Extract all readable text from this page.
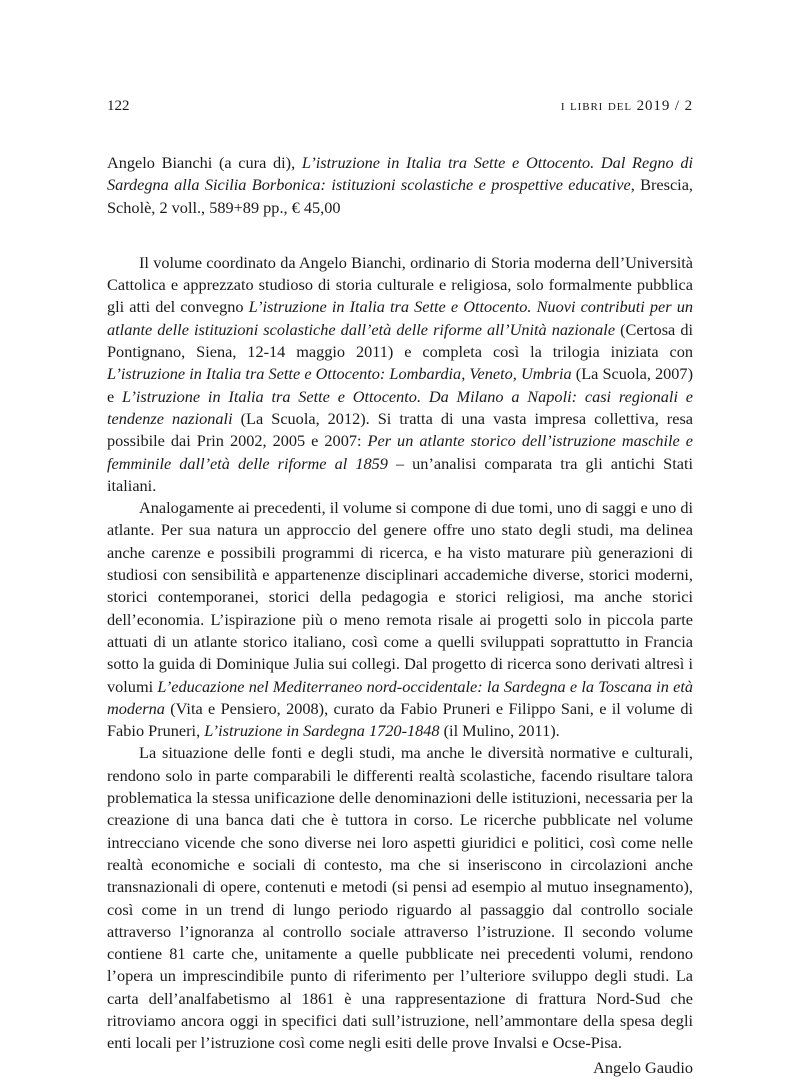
122	i libri del 2019 / 2

Angelo Bianchi (a cura di), L’istruzione in Italia tra Sette e Ottocento. Dal Regno di Sardegna alla Sicilia Borbonica: istituzioni scolastiche e prospettive educative, Brescia, Scholè, 2 voll., 589+89 pp., € 45,00

Il volume coordinato da Angelo Bianchi, ordinario di Storia moderna dell’Università Cattolica e apprezzato studioso di storia culturale e religiosa, solo formalmente pubblica gli atti del convegno L’istruzione in Italia tra Sette e Ottocento. Nuovi contributi per un atlante delle istituzioni scolastiche dall’età delle riforme all’Unità nazionale (Certosa di Pontignano, Siena, 12-14 maggio 2011) e completa così la trilogia iniziata con L’istruzione in Italia tra Sette e Ottocento: Lombardia, Veneto, Umbria (La Scuola, 2007) e L’istruzione in Italia tra Sette e Ottocento. Da Milano a Napoli: casi regionali e tendenze nazionali (La Scuola, 2012). Si tratta di una vasta impresa collettiva, resa possibile dai Prin 2002, 2005 e 2007: Per un atlante storico dell’istruzione maschile e femminile dall’età delle riforme al 1859 – un’analisi comparata tra gli antichi Stati italiani.

Analogamente ai precedenti, il volume si compone di due tomi, uno di saggi e uno di atlante. Per sua natura un approccio del genere offre uno stato degli studi, ma delinea anche carenze e possibili programmi di ricerca, e ha visto maturare più generazioni di studiosi con sensibilità e appartenenze disciplinari accademiche diverse, storici moderni, storici contemporanei, storici della pedagogia e storici religiosi, ma anche storici dell’economia. L’ispirazione più o meno remota risale ai progetti solo in piccola parte attuati di un atlante storico italiano, così come a quelli sviluppati soprattutto in Francia sotto la guida di Dominique Julia sui collegi. Dal progetto di ricerca sono derivati altresì i volumi L’educazione nel Mediterraneo nord-occidentale: la Sardegna e la Toscana in età moderna (Vita e Pensiero, 2008), curato da Fabio Pruneri e Filippo Sani, e il volume di Fabio Pruneri, L’istruzione in Sardegna 1720-1848 (il Mulino, 2011).

La situazione delle fonti e degli studi, ma anche le diversità normative e culturali, rendono solo in parte comparabili le differenti realtà scolastiche, facendo risultare talora problematica la stessa unificazione delle denominazioni delle istituzioni, necessaria per la creazione di una banca dati che è tuttora in corso. Le ricerche pubblicate nel volume intrecciano vicende che sono diverse nei loro aspetti giuridici e politici, così come nelle realtà economiche e sociali di contesto, ma che si inseriscono in circolazioni anche transnazionali di opere, contenuti e metodi (si pensi ad esempio al mutuo insegnamento), così come in un trend di lungo periodo riguardo al passaggio dal controllo sociale attraverso l’ignoranza al controllo sociale attraverso l’istruzione. Il secondo volume contiene 81 carte che, unitamente a quelle pubblicate nei precedenti volumi, rendono l’opera un imprescindibile punto di riferimento per l’ulteriore sviluppo degli studi. La carta dell’analfabetismo al 1861 è una rappresentazione di frattura Nord-Sud che ritroviamo ancora oggi in specifici dati sull’istruzione, nell’ammontare della spesa degli enti locali per l’istruzione così come negli esiti delle prove Invalsi e Ocse-Pisa.

Angelo Gaudio
